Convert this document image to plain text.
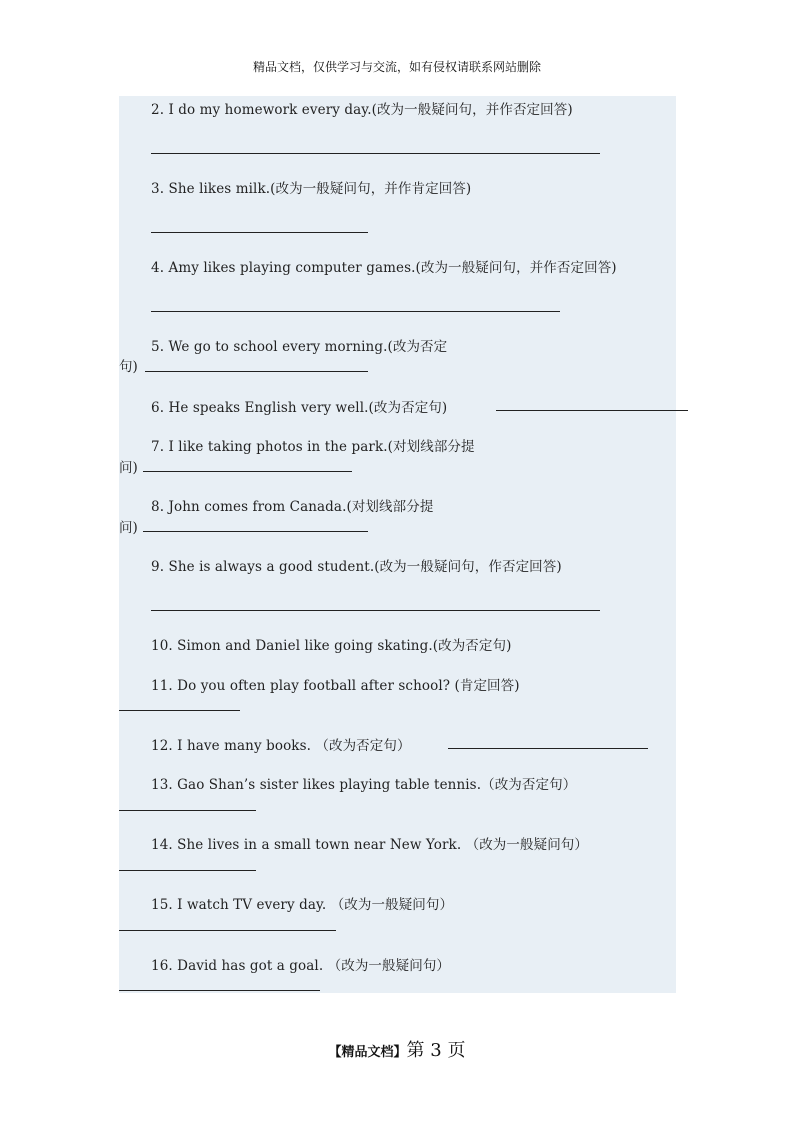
精品文档，仅供学习与交流，如有侵权请联系网站删除
2. I do my homework every day.(改为一般疑问句，并作否定回答)
3. She likes milk.(改为一般疑问句，并作肯定回答)
4. Amy likes playing computer games.(改为一般疑问句，并作否定回答)
5. We go to school every morning.(改为否定
句)
6. He speaks English very well.(改为否定句)
7. I like taking photos in the park.(对划线部分提
问)
8. John comes from Canada.(对划线部分提
问)
9. She is always a good student.(改为一般疑问句，作否定回答)
10. Simon and Daniel like going skating.(改为否定句)
11. Do you often play football after school? (肯定回答)
12. I have many books. （改为否定句）
13. Gao Shan’s sister likes playing table tennis.（改为否定句）
14. She lives in a small town near New York. （改为一般疑问句）
15. I watch TV every day. （改为一般疑问句）
16. David has got a goal. （改为一般疑问句）
【精品文档】第 3 页
